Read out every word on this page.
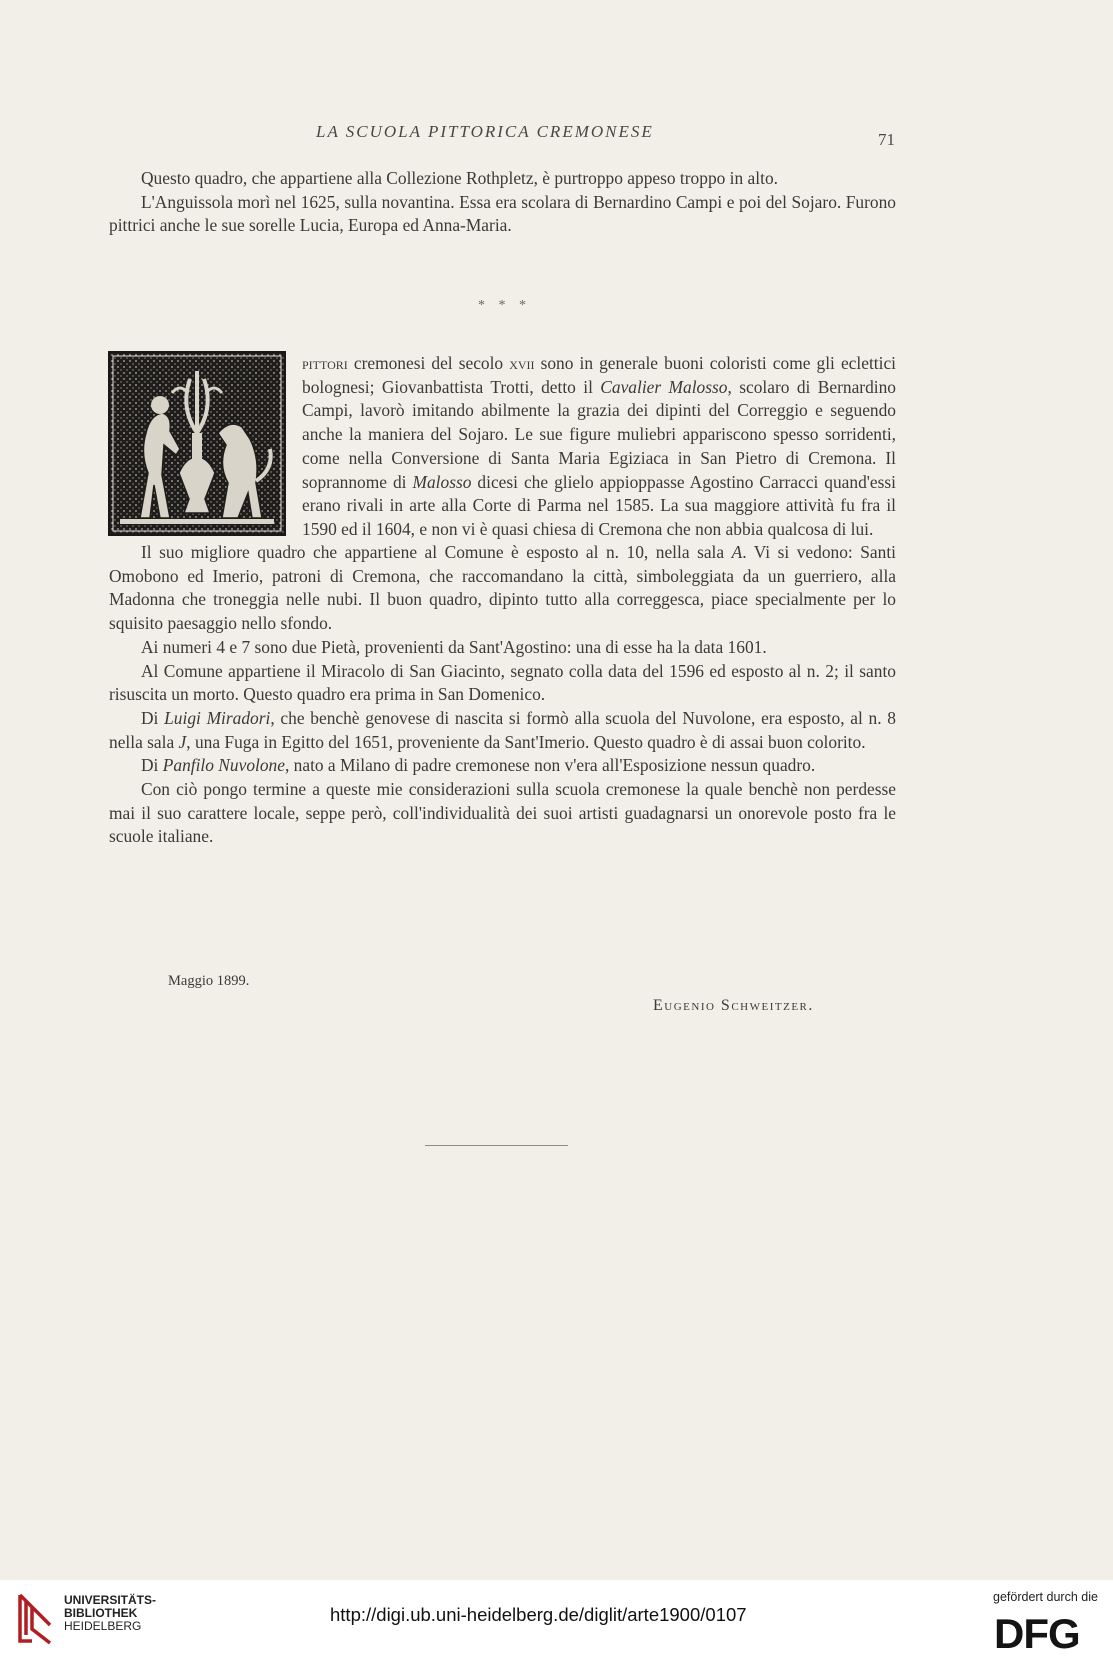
LA SCUOLA PITTORICA CREMONESE	71

Questo quadro, che appartiene alla Collezione Rothpletz, è purtroppo appeso troppo in alto.

L'Anguissola morì nel 1625, sulla novantina. Essa era scolara di Bernardino Campi e poi del Sojaro. Furono pittrici anche le sue sorelle Lucia, Europa ed Anna-Maria.

* * *
pittori cremonesi del secolo xvii sono in generale buoni coloristi come gli eclettici bolognesi; Giovanbattista Trotti, detto il Cavalier Malosso, scolaro di Bernardino Campi, lavorò imitando abilmente la grazia dei dipinti del Correggio e seguendo anche la maniera del Sojaro. Le sue figure muliebri appariscono spesso sorridenti, come nella Conversione di Santa Maria Egiziaca in San Pietro di Cremona. Il soprannome di Malosso dicesi che glielo appioppasse Agostino Carracci quand'essi erano rivali in arte alla Corte di Parma nel 1585. La sua maggiore attività fu fra il 1590 ed il 1604, e non vi è quasi chiesa di Cremona che non abbia qualcosa di lui.

Il suo migliore quadro che appartiene al Comune è esposto al n. 10, nella sala A. Vi si vedono: Santi Omobono ed Imerio, patroni di Cremona, che raccomandano la città, simboleggiata da un guerriero, alla Madonna che troneggia nelle nubi. Il buon quadro, dipinto tutto alla correggesca, piace specialmente per lo squisito paesaggio nello sfondo.

Ai numeri 4 e 7 sono due Pietà, provenienti da Sant'Agostino: una di esse ha la data 1601.

Al Comune appartiene il Miracolo di San Giacinto, segnato colla data del 1596 ed esposto al n. 2; il santo risuscita un morto. Questo quadro era prima in San Domenico.

Di Luigi Miradori, che benchè genovese di nascita si formò alla scuola del Nuvolone, era esposto, al n. 8 nella sala J, una Fuga in Egitto del 1651, proveniente da Sant'Imerio. Questo quadro è di assai buon colorito.

Di Panfilo Nuvolone, nato a Milano di padre cremonese non v'era all'Esposizione nessun quadro.

Con ciò pongo termine a queste mie considerazioni sulla scuola cremonese la quale benchè non perdesse mai il suo carattere locale, seppe però, coll'individualità dei suoi artisti guadagnarsi un onorevole posto fra le scuole italiane.

Maggio 1899.
Eugenio Schweitzer.
UNIVERSITÄTS-
BIBLIOTHEK
HEIDELBERG
http://digi.ub.uni-heidelberg.de/diglit/arte1900/0107
gefördert durch die
DFG
